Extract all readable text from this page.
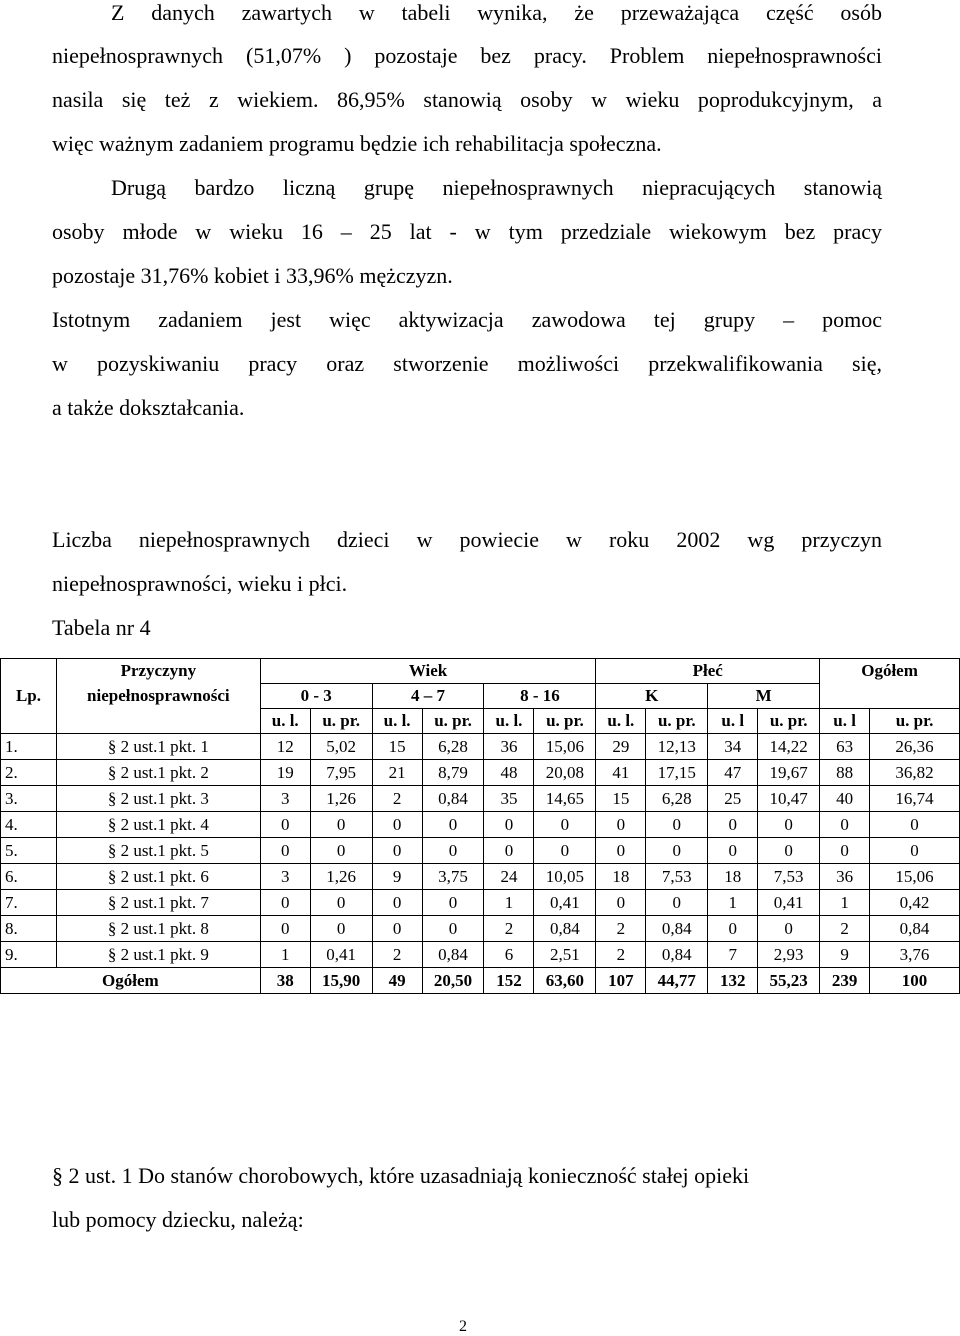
Z danych zawartych w tabeli wynika, że przeważająca część osób
niepełnosprawnych (51,07% ) pozostaje bez pracy. Problem niepełnosprawności
nasila się też z wiekiem. 86,95% stanowią osoby w wieku poprodukcyjnym, a
więc ważnym zadaniem programu będzie ich rehabilitacja społeczna.
Drugą bardzo liczną grupę niepełnosprawnych niepracujących stanowią
osoby młode w wieku 16 – 25 lat - w tym przedziale wiekowym bez pracy
pozostaje 31,76% kobiet i 33,96% mężczyzn.
Istotnym zadaniem jest więc aktywizacja zawodowa tej grupy – pomoc
w pozyskiwaniu pracy oraz stworzenie możliwości przekwalifikowania się,
a także dokształcania.
Liczba niepełnosprawnych dzieci w powiecie w roku 2002 wg przyczyn
niepełnosprawności, wieku i płci.
Tabela nr 4
Lp.	Przyczyny	Wiek						Płeć				Ogółem	
	niepełnosprawności	0 - 3		4 – 7		8 - 16		K		M			
		u. l.	u. pr.	u. l.	u. pr.	u. l.	u. pr.	u. l.	u. pr.	u. l	u. pr.	u. l	u. pr.
1.	§ 2 ust.1 pkt. 1	12	5,02	15	6,28	36	15,06	29	12,13	34	14,22	63	26,36
2.	§ 2 ust.1 pkt. 2	19	7,95	21	8,79	48	20,08	41	17,15	47	19,67	88	36,82
3.	§ 2 ust.1 pkt. 3	3	1,26	2	0,84	35	14,65	15	6,28	25	10,47	40	16,74
4.	§ 2 ust.1 pkt. 4	0	0	0	0	0	0	0	0	0	0	0	0
5.	§ 2 ust.1 pkt. 5	0	0	0	0	0	0	0	0	0	0	0	0
6.	§ 2 ust.1 pkt. 6	3	1,26	9	3,75	24	10,05	18	7,53	18	7,53	36	15,06
7.	§ 2 ust.1 pkt. 7	0	0	0	0	1	0,41	0	0	1	0,41	1	0,42
8.	§ 2 ust.1 pkt. 8	0	0	0	0	2	0,84	2	0,84	0	0	2	0,84
9.	§ 2 ust.1 pkt. 9	1	0,41	2	0,84	6	2,51	2	0,84	7	2,93	9	3,76
Ogółem		38	15,90	49	20,50	152	63,60	107	44,77	132	55,23	239	100
§ 2 ust. 1 Do stanów chorobowych, które uzasadniają konieczność stałej opieki
lub pomocy dziecku, należą:
2
